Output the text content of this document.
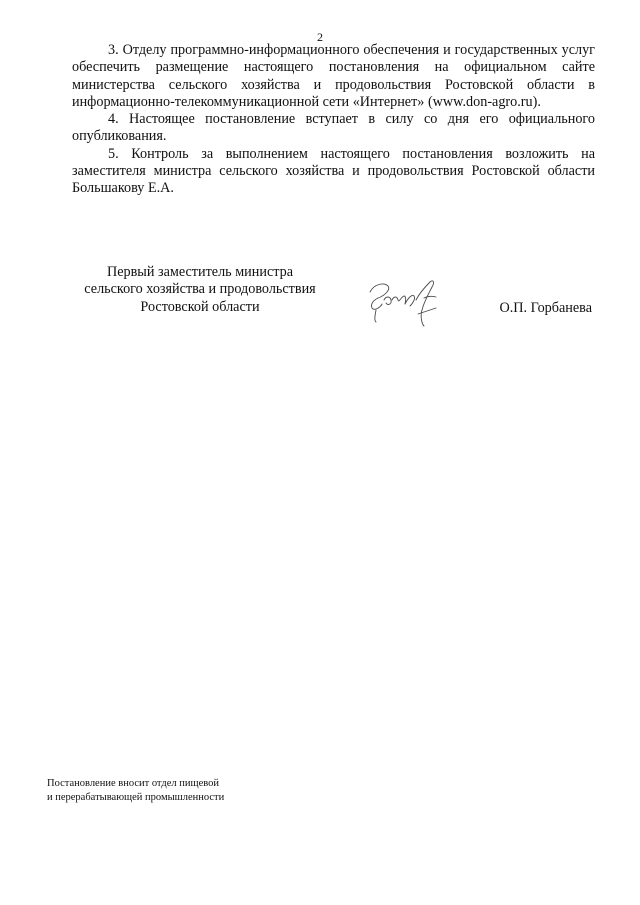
2

3. Отделу программно-информационного обеспечения и государственных услуг обеспечить размещение настоящего постановления на официальном сайте министерства сельского хозяйства и продовольствия Ростовской области в информационно-телекоммуникационной сети «Интернет» (www.don-agro.ru).

4. Настоящее постановление вступает в силу со дня его официального опубликования.

5. Контроль за выполнением настоящего постановления возложить на заместителя министра сельского хозяйства и продовольствия Ростовской области Большакову Е.А.

Первый заместитель министра
сельского хозяйства и продовольствия
Ростовской области	О.П. Горбанева
Постановление вносит отдел пищевой
и перерабатывающей промышленности
